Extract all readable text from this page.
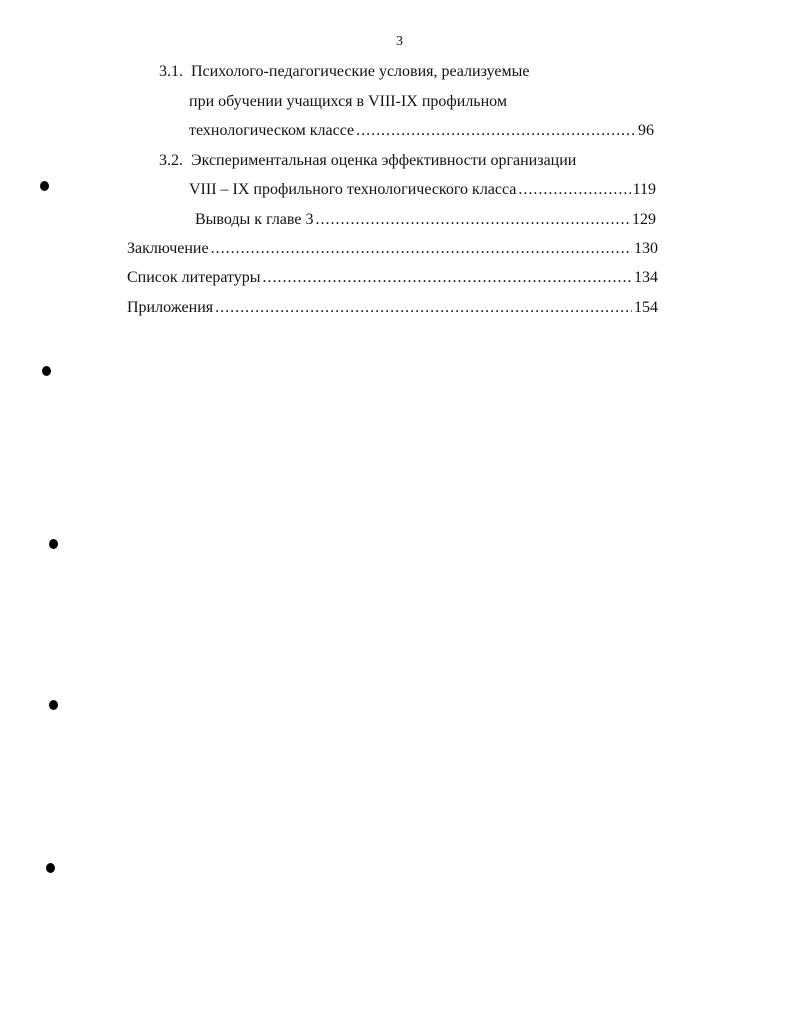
3
3.1. Психолого-педагогические условия, реализуемые
при обучении учащихся в VIII-IX профильном
технологическом классе .....	96
3.2. Экспериментальная оценка эффективности организации
VIII – IX профильного технологического класса .....	119
Выводы к главе 3 .....	129
Заключение .....	130
Список литературы .....	134
Приложения .....	154
